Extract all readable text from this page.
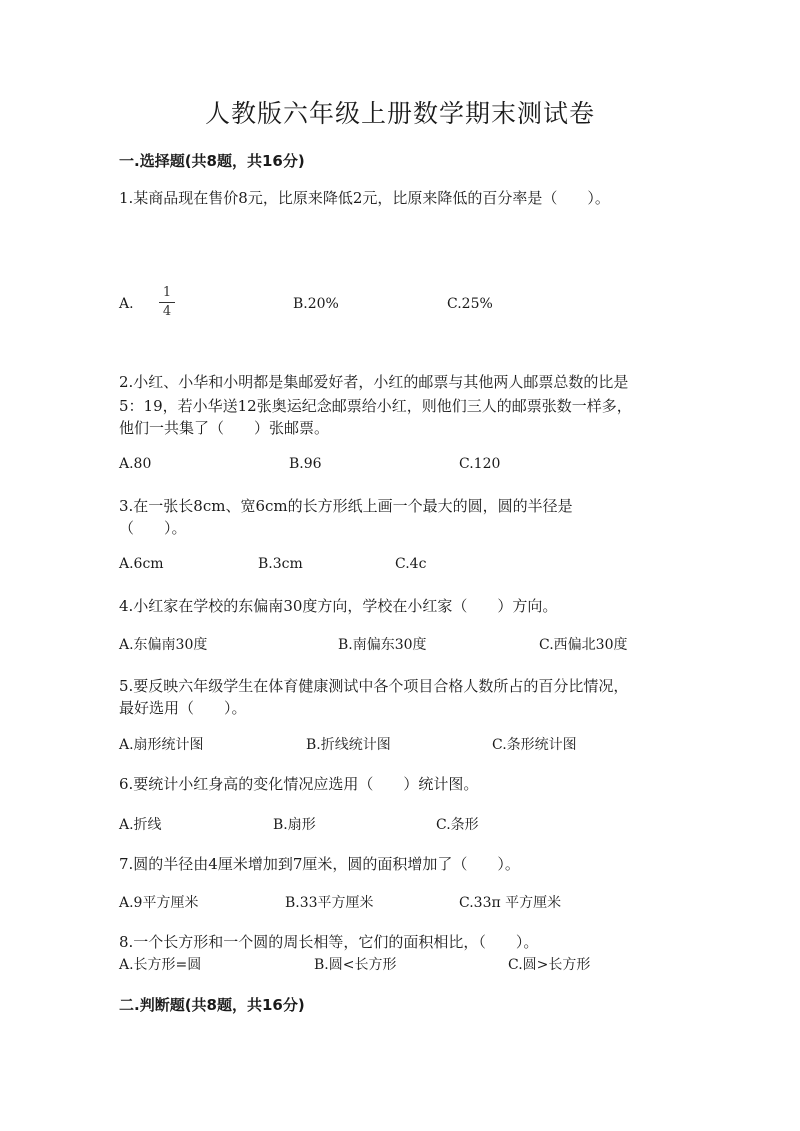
人教版六年级上册数学期末测试卷
一.选择题(共8题，共16分)
1.某商品现在售价8元，比原来降低2元，比原来降低的百分率是（　　）。
A.
1
4	B.20%	C.25%
2.小红、小华和小明都是集邮爱好者，小红的邮票与其他两人邮票总数的比是
5：19，若小华送12张奥运纪念邮票给小红，则他们三人的邮票张数一样多，
他们一共集了（　　）张邮票。
A.80	B.96	C.120
3.在一张长8cm、宽6cm的长方形纸上画一个最大的圆，圆的半径是
（　　）。
A.6cm	B.3cm	C.4c
4.小红家在学校的东偏南30度方向，学校在小红家（　　）方向。
A.东偏南30度	B.南偏东30度	C.西偏北30度
5.要反映六年级学生在体育健康测试中各个项目合格人数所占的百分比情况，
最好选用（　　）。
A.扇形统计图	B.折线统计图	C.条形统计图
6.要统计小红身高的变化情况应选用（　　）统计图。
A.折线	B.扇形	C.条形
7.圆的半径由4厘米增加到7厘米，圆的面积增加了（　　）。
A.9平方厘米	B.33平方厘米	C.33π 平方厘米
8.一个长方形和一个圆的周长相等，它们的面积相比，（　　）。
A.长方形=圆	B.圆<长方形	C.圆>长方形
二.判断题(共8题，共16分)
